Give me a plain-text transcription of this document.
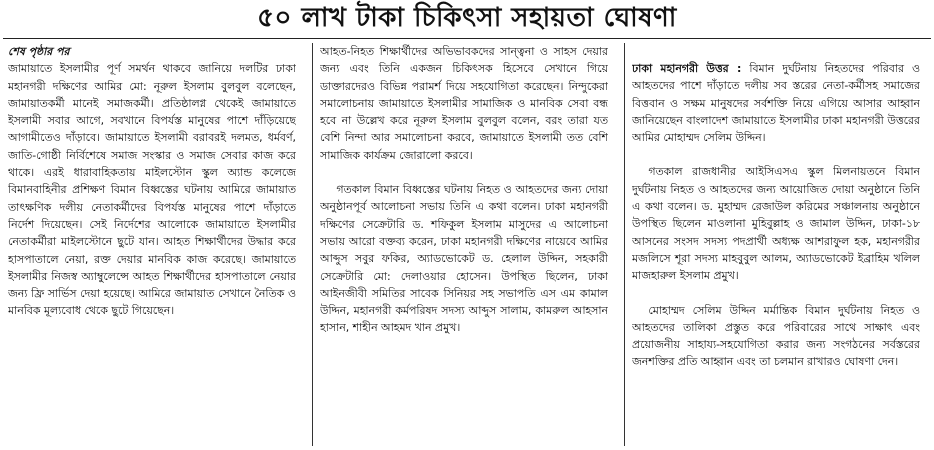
৫০ লাখ টাকা চিকিৎসা সহায়তা ঘোষণা
শেষ পৃষ্ঠার পর

জামায়াতে ইসলামীর পূর্ণ সমর্থন থাকবে জানিয়ে দলটির ঢাকা মহানগরী দক্ষিণের আমির মো: নূরুল ইসলাম বুলবুল বলেছেন, জামায়াতকর্মী মানেই সমাজকর্মী। প্রতিষ্ঠালগ্ন থেকেই জামায়াতে ইসলামী সবার আগে, সবখানে বিপর্যস্ত মানুষের পাশে দাঁড়িয়েছে আগামীতেও দাঁড়াবে। জামায়াতে ইসলামী বরাবরই দলমত, ধর্মবর্ণ, জাতি-গোষ্ঠী নির্বিশেষে সমাজ সংস্কার ও সমাজ সেবার কাজ করে থাকে। এরই ধারাবাহিকতায় মাইলস্টোন স্কুল অ্যান্ড কলেজে বিমানবাহিনীর প্রশিক্ষণ বিমান বিধ্বস্তের ঘটনায় আমিরে জামায়াত তাৎক্ষণিক দলীয় নেতাকর্মীদের বিপর্যস্ত মানুষের পাশে দাঁড়াতে নির্দেশ দিয়েছেন। সেই নির্দেশের আলোকে জামায়াতে ইসলামীর নেতাকর্মীরা মাইলস্টোনে ছুটে যান। আহত শিক্ষার্থীদের উদ্ধার করে হাসপাতালে নেয়া, রক্ত দেয়ার মানবিক কাজ করেছে। জামায়াতে ইসলামীর নিজস্ব অ্যাম্বুলেন্সে আহত শিক্ষার্থীদের হাসপাতালে নেয়ার জন্য ফ্রি সার্ভিস দেয়া হয়েছে। আমিরে জামায়াত সেখানে নৈতিক ও মানবিক মূল্যবোধ থেকে ছুটে গিয়েছেন।

আহত-নিহত শিক্ষার্থীদের অভিভাবকদের সান্ত্বনা ও সাহস দেয়ার জন্য এবং তিনি একজন চিকিৎসক হিসেবে সেখানে গিয়ে ডাক্তারদেরও বিভিন্ন পরামর্শ দিয়ে সহযোগিতা করেছেন। নিন্দুকেরা সমালোচনায় জামায়াতে ইসলামীর সামাজিক ও মানবিক সেবা বন্ধ হবে না উল্লেখ করে নূরুল ইসলাম বুলবুল বলেন, বরং তারা যত বেশি নিন্দা আর সমালোচনা করবে, জামায়াতে ইসলামী তত বেশি সামাজিক কার্যক্রম জোরালো করবে।

গতকাল বিমান বিধ্বস্তের ঘটনায় নিহত ও আহতদের জন্য দোয়া অনুষ্ঠানপূর্ব আলোচনা সভায় তিনি এ কথা বলেন। ঢাকা মহানগরী দক্ষিণের সেক্রেটারি ড. শফিকুল ইসলাম মাসুদের এ আলোচনা সভায় আরো বক্তব্য করেন, ঢাকা মহানগরী দক্ষিণের নায়েবে আমির আব্দুস সবুর ফকির, অ্যাডভোকেট ড. হেলাল উদ্দিন, সহকারী সেক্রেটারি মো: দেলাওয়ার হোসেন। উপস্থিত ছিলেন, ঢাকা আইনজীবী সমিতির সাবেক সিনিয়র সহ সভাপতি এস এম কামাল উদ্দিন, মহানগরী কর্মপরিষদ সদস্য আব্দুস সালাম, কামরুল আহসান হাসান, শাহীন আহমদ খান প্রমুখ।

ঢাকা মহানগরী উত্তর : বিমান দুর্ঘটনায় নিহতদের পরিবার ও আহতদের পাশে দাঁড়াতে দলীয় সব স্তরের নেতা-কর্মীসহ সমাজের বিত্তবান ও সক্ষম মানুষদের সর্বশক্তি নিয়ে এগিয়ে আসার আহ্বান জানিয়েছেন বাংলাদেশ জামায়াতে ইসলামীর ঢাকা মহানগরী উত্তরের আমির মোহাম্মদ সেলিম উদ্দিন।

গতকাল রাজধানীর আইসিএসএ স্কুল মিলনায়তনে বিমান দুর্ঘটনায় নিহত ও আহতদের জন্য আয়োজিত দোয়া অনুষ্ঠানে তিনি এ কথা বলেন। ড. মুহাম্মদ রেজাউল করিমের সঞ্চালনায় অনুষ্ঠানে উপস্থিত ছিলেন মাওলানা মুহিবুল্লাহ ও জামাল উদ্দিন, ঢাকা-১৮ আসনের সংসদ সদস্য পদপ্রার্থী অধ্যক্ষ আশরাফুল হক, মহানগরীর মজলিসে শূরা সদস্য মাহবুবুল আলম, অ্যাডভোকেট ইব্রাহিম খলিল মাজহারুল ইসলাম প্রমুখ।

মোহাম্মদ সেলিম উদ্দিন মর্মান্তিক বিমান দুর্ঘটনায় নিহত ও আহতদের তালিকা প্রস্তুত করে পরিবারের সাথে সাক্ষাৎ এবং প্রয়োজনীয় সাহায্য-সহযোগিতা করার জন্য সংগঠনের সর্বস্তরের জনশক্তির প্রতি আহ্বান এবং তা চলমান রাখারও ঘোষণা দেন।
